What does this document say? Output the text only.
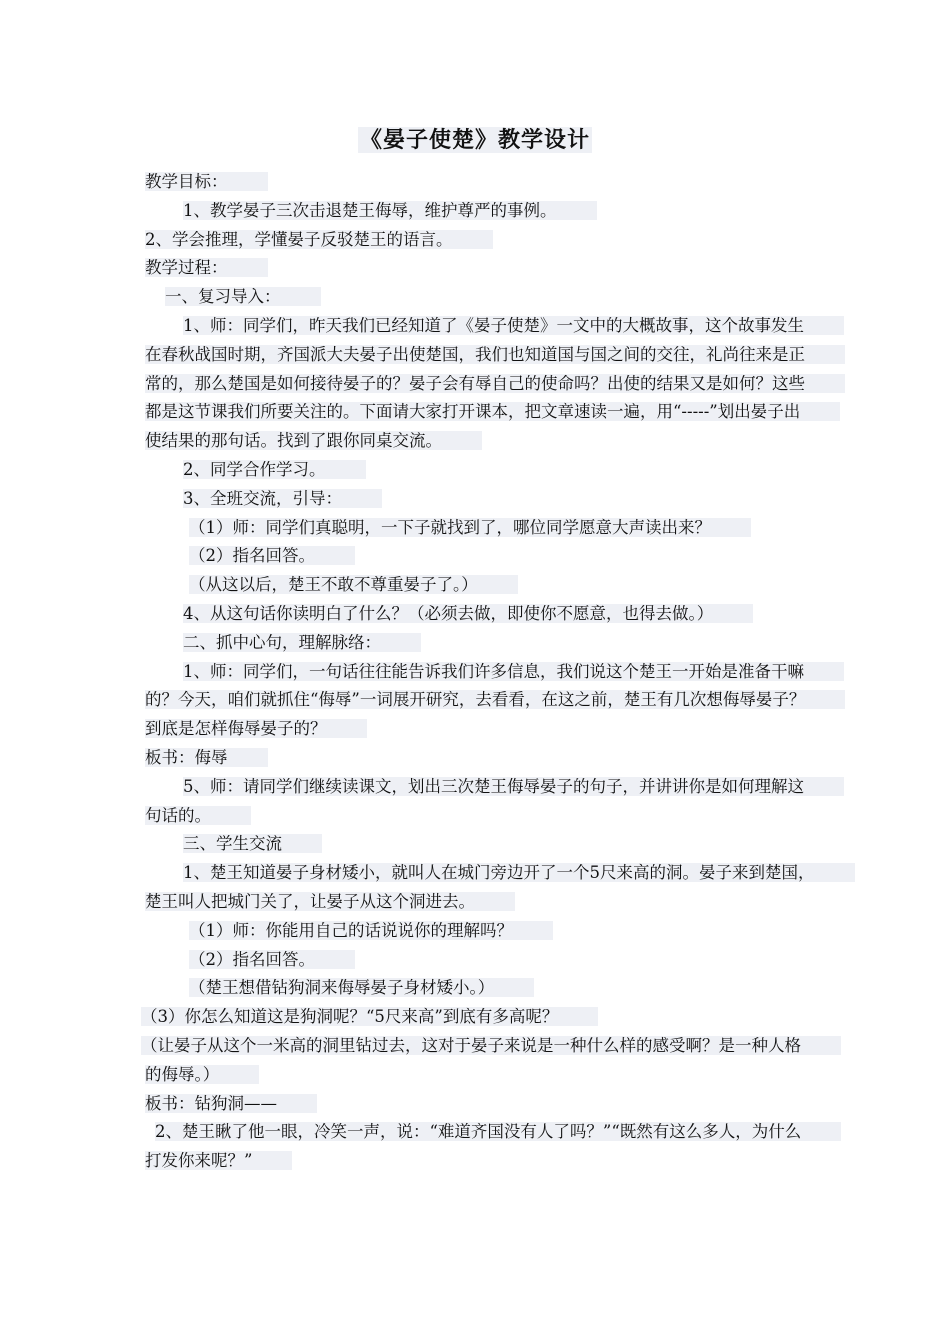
《晏子使楚》教学设计

教学目标：

1、教学晏子三次击退楚王侮辱，维护尊严的事例。

2、学会推理，学懂晏子反驳楚王的语言。

教学过程：

一、复习导入：

1、师：同学们，昨天我们已经知道了《晏子使楚》一文中的大概故事，这个故事发生在春秋战国时期，齐国派大夫晏子出使楚国，我们也知道国与国之间的交往，礼尚往来是正常的，那么楚国是如何接待晏子的？晏子会有辱自己的使命吗？出使的结果又是如何？这些都是这节课我们所要关注的。下面请大家打开课本，把文章速读一遍，用“-----”划出晏子出使结果的那句话。找到了跟你同桌交流。

2、同学合作学习。

3、全班交流，引导：

（1）师：同学们真聪明，一下子就找到了，哪位同学愿意大声读出来？

（2）指名回答。

（从这以后，楚王不敢不尊重晏子了。）

4、从这句话你读明白了什么？（必须去做，即使你不愿意，也得去做。）

二、抓中心句，理解脉络：

1、师：同学们，一句话往往能告诉我们许多信息，我们说这个楚王一开始是准备干嘛的？今天，咱们就抓住“侮辱”一词展开研究，去看看，在这之前，楚王有几次想侮辱晏子？到底是怎样侮辱晏子的？

板书：侮辱

5、师：请同学们继续读课文，划出三次楚王侮辱晏子的句子，并讲讲你是如何理解这句话的。

三、学生交流

1、楚王知道晏子身材矮小，就叫人在城门旁边开了一个5尺来高的洞。晏子来到楚国，楚王叫人把城门关了，让晏子从这个洞进去。

（1）师：你能用自己的话说说你的理解吗？

（2）指名回答。

（楚王想借钻狗洞来侮辱晏子身材矮小。）

（3）你怎么知道这是狗洞呢？“5尺来高”到底有多高呢？

（让晏子从这个一米高的洞里钻过去，这对于晏子来说是一种什么样的感受啊？是一种人格的侮辱。）

板书：钻狗洞——

2、楚王瞅了他一眼，冷笑一声，说：“难道齐国没有人了吗？”“既然有这么多人，为什么打发你来呢？”
